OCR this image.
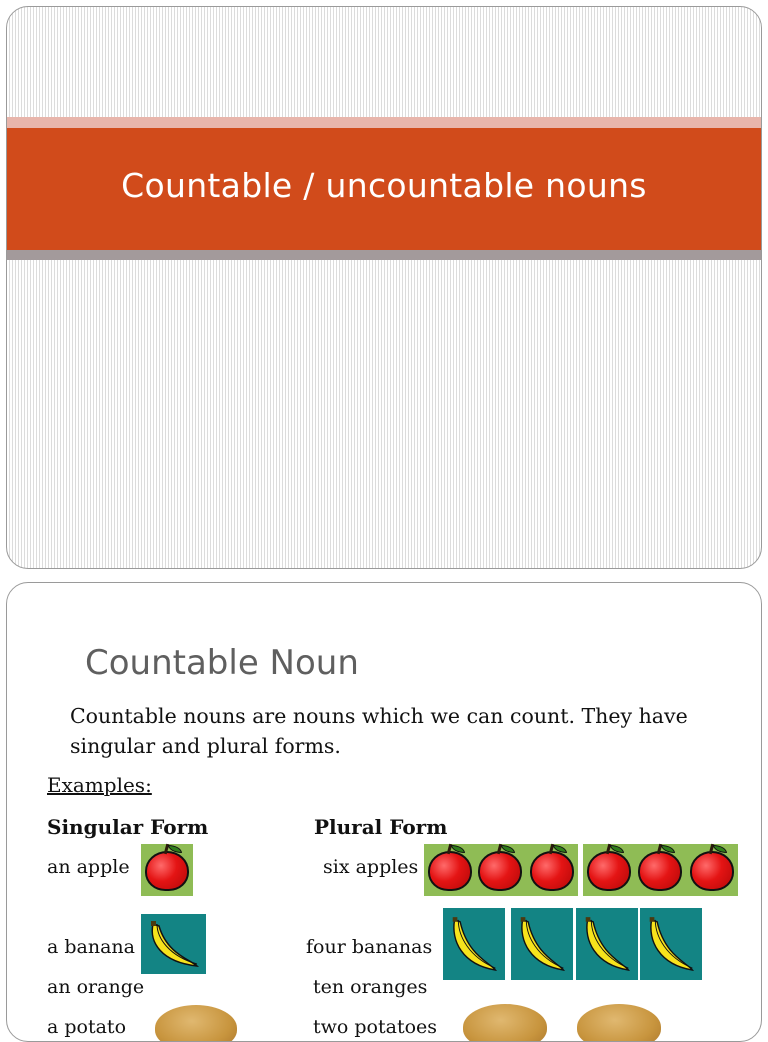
Countable / uncountable nouns
Countable Noun
Countable nouns are nouns which we can count. They have singular and plural forms.
Examples:
Singular Form	Plural Form
an apple	six apples
a banana	four bananas
an orange	ten oranges
a potato	two potatoes
